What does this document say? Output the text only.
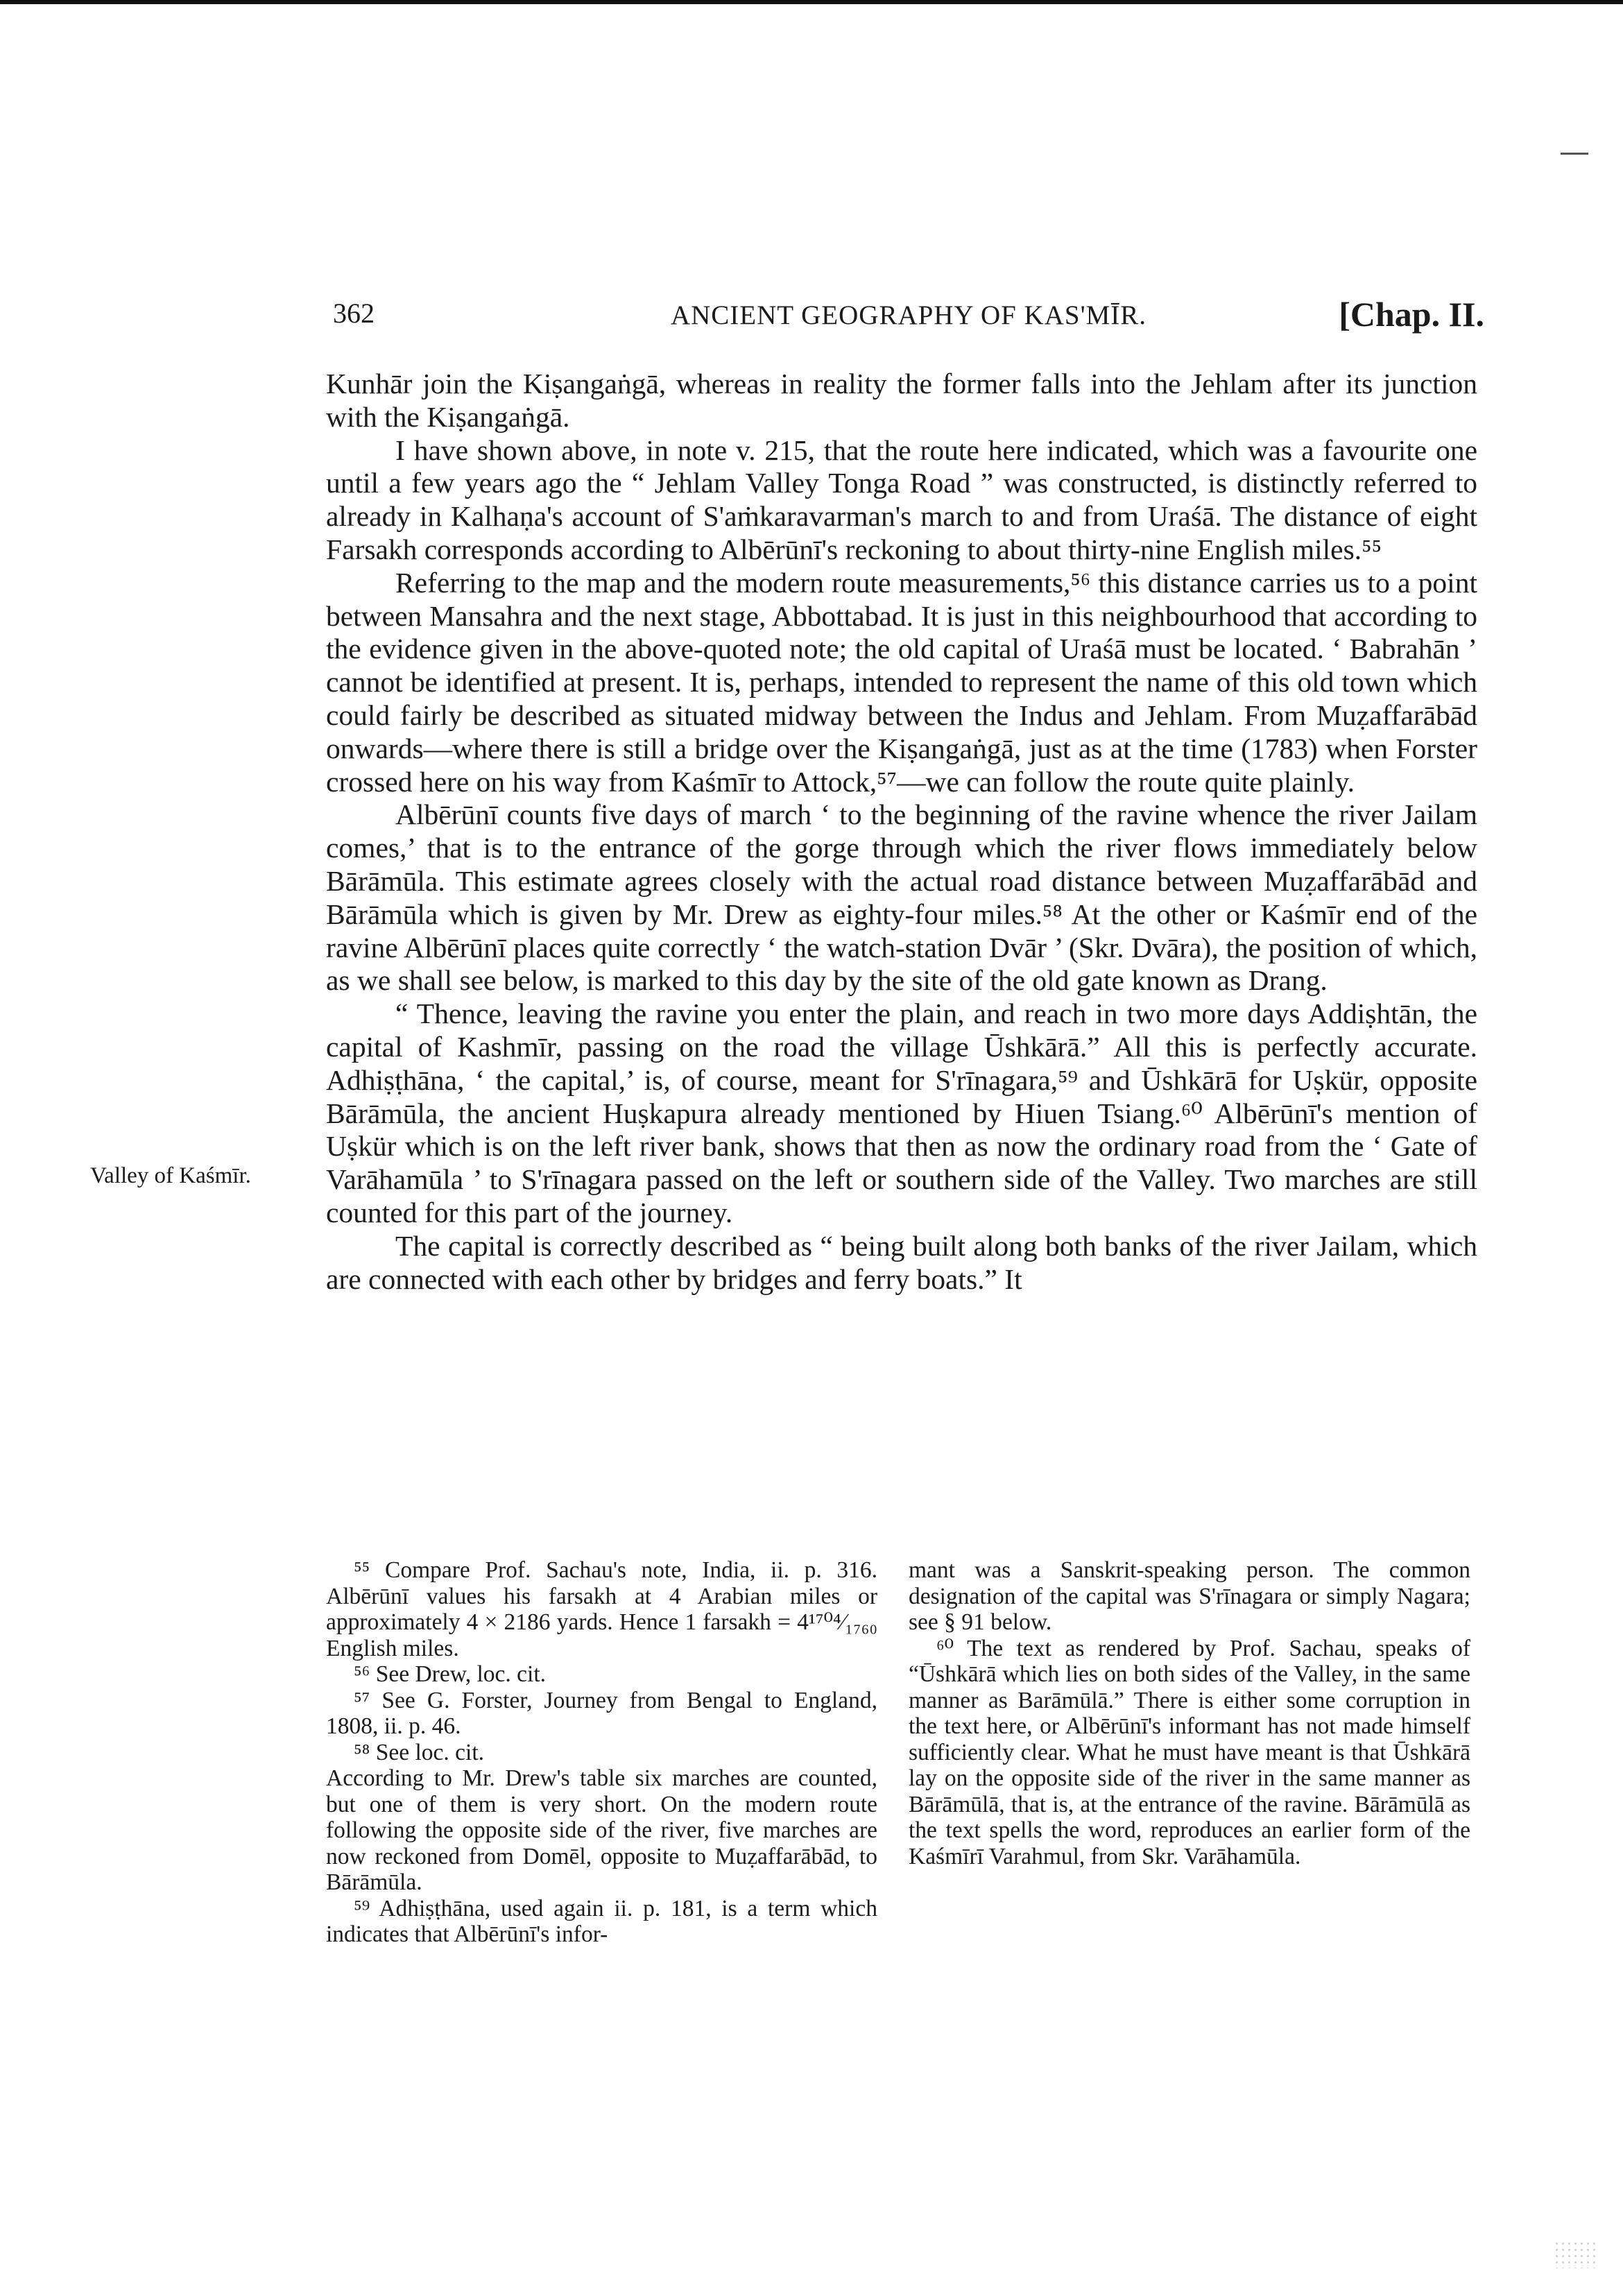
362	ANCIENT GEOGRAPHY OF KAS'MĪR.	[Chap. II.
Valley of Kaśmīr.

Kunhār join the Kiṣangaṅgā, whereas in reality the former falls into the Jehlam after its junction with the Kiṣangaṅgā.

I have shown above, in note v. 215, that the route here indicated, which was a favourite one until a few years ago the “ Jehlam Valley Tonga Road ” was constructed, is distinctly referred to already in Kalhaṇa's account of S'aṁkaravarman's march to and from Uraśā. The distance of eight Farsakh corresponds according to Albērūnī's reckoning to about thirty-nine English miles.⁵⁵

Referring to the map and the modern route measurements,⁵⁶ this distance carries us to a point between Mansahra and the next stage, Abbottabad. It is just in this neighbourhood that according to the evidence given in the above-quoted note; the old capital of Uraśā must be located. ‘ Babrahān ’ cannot be identified at present. It is, perhaps, intended to represent the name of this old town which could fairly be described as situated midway between the Indus and Jehlam. From Muẓaffarābād onwards—where there is still a bridge over the Kiṣangaṅgā, just as at the time (1783) when Forster crossed here on his way from Kaśmīr to Attock,⁵⁷—we can follow the route quite plainly.

Albērūnī counts five days of march ‘ to the beginning of the ravine whence the river Jailam comes,’ that is to the entrance of the gorge through which the river flows immediately below Bārāmūla. This estimate agrees closely with the actual road distance between Muẓaffarābād and Bārāmūla which is given by Mr. Drew as eighty-four miles.⁵⁸ At the other or Kaśmīr end of the ravine Albērūnī places quite correctly ‘ the watch-station Dvār ’ (Skr. Dvāra), the position of which, as we shall see below, is marked to this day by the site of the old gate known as Drang.

“ Thence, leaving the ravine you enter the plain, and reach in two more days Addiṣhtān, the capital of Kashmīr, passing on the road the village Ūshkārā.” All this is perfectly accurate. Adhiṣṭhāna, ‘ the capital,’ is, of course, meant for S'rīnagara,⁵⁹ and Ūshkārā for Uṣkür, opposite Bārāmūla, the ancient Huṣkapura already mentioned by Hiuen Tsiang.⁶⁰ Albērūnī's mention of Uṣkür which is on the left river bank, shows that then as now the ordinary road from the ‘ Gate of Varāhamūla ’ to S'rīnagara passed on the left or southern side of the Valley. Two marches are still counted for this part of the journey.

The capital is correctly described as “ being built along both banks of the river Jailam, which are connected with each other by bridges and ferry boats.” It

⁵⁵ Compare Prof. Sachau's note, India, ii. p. 316. Albērūnī values his farsakh at 4 Arabian miles or approximately 4 × 2186 yards. Hence 1 farsakh = 4¹⁷⁰⁴⁄₁₇₆₀ English miles.

⁵⁶ See Drew, loc. cit.

⁵⁷ See G. Forster, Journey from Bengal to England, 1808, ii. p. 46.

⁵⁸ See loc. cit.

According to Mr. Drew's table six marches are counted, but one of them is very short. On the modern route following the opposite side of the river, five marches are now reckoned from Domēl, opposite to Muẓaffarābād, to Bārāmūla.

⁵⁹ Adhiṣṭhāna, used again ii. p. 181, is a term which indicates that Albērūnī's infor-

mant was a Sanskrit-speaking person. The common designation of the capital was S'rīnagara or simply Nagara; see § 91 below.

⁶⁰ The text as rendered by Prof. Sachau, speaks of “Ūshkārā which lies on both sides of the Valley, in the same manner as Barāmūlā.” There is either some corruption in the text here, or Albērūnī's informant has not made himself sufficiently clear. What he must have meant is that Ūshkārā lay on the opposite side of the river in the same manner as Bārāmūlā, that is, at the entrance of the ravine. Bārāmūlā as the text spells the word, reproduces an earlier form of the Kaśmīrī Varahmul, from Skr. Varāhamūla.
